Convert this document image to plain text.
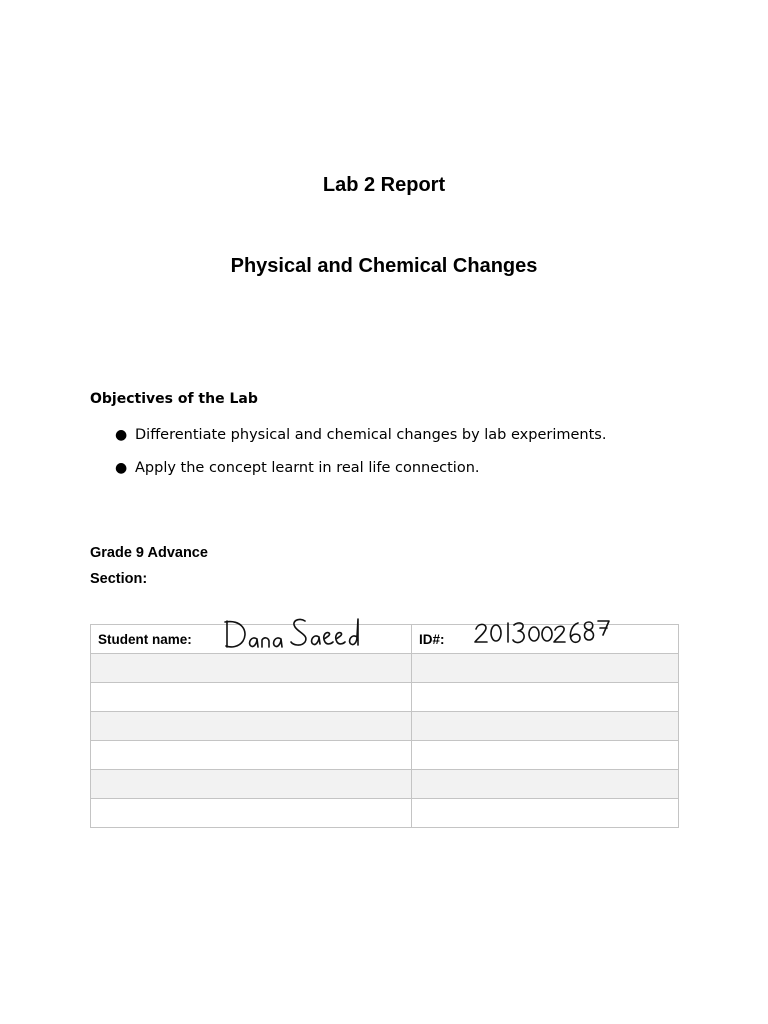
Lab 2 Report
Physical and Chemical Changes
Objectives of the Lab
● Differentiate physical and chemical changes by lab experiments.
● Apply the concept learnt in real life connection.

Grade 9 Advance

Section:

Student name:	ID#:
